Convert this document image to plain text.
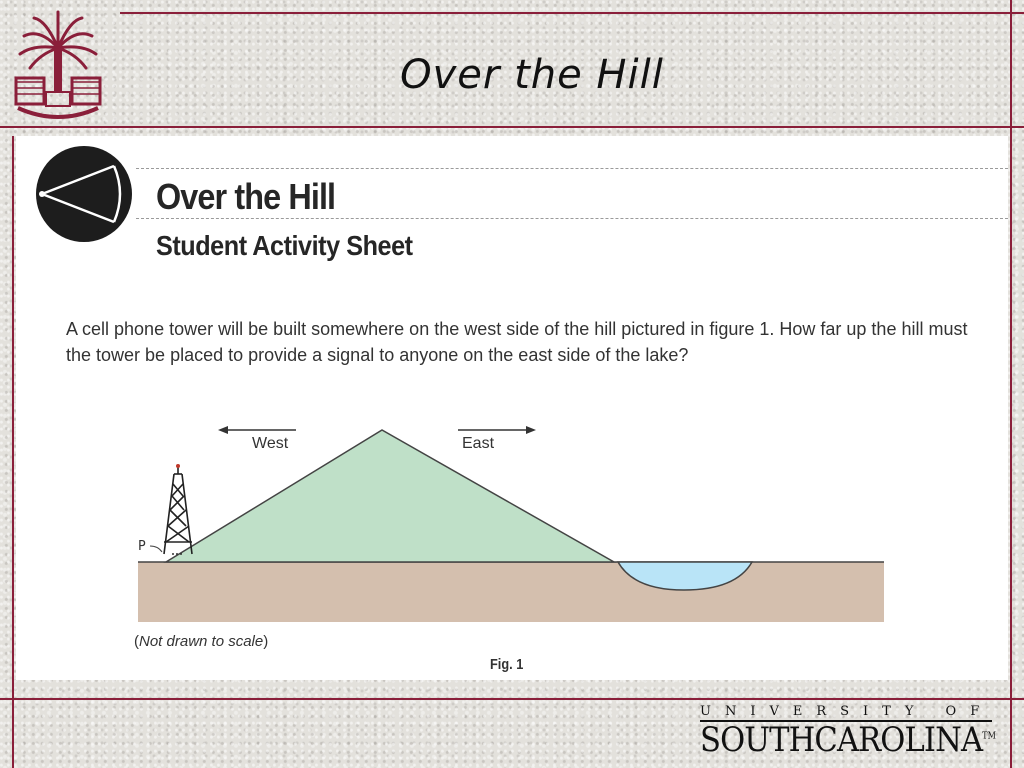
Over the Hill
Over the Hill
Student Activity Sheet
A cell phone tower will be built somewhere on the west side of the hill pictured in figure 1. How far up the hill must the tower be placed to provide a signal to anyone on the east side of the lake?
P
West	East
(Not drawn to scale)
Fig. 1
UNIVERSITY OF
SOUTHCAROLINA™
